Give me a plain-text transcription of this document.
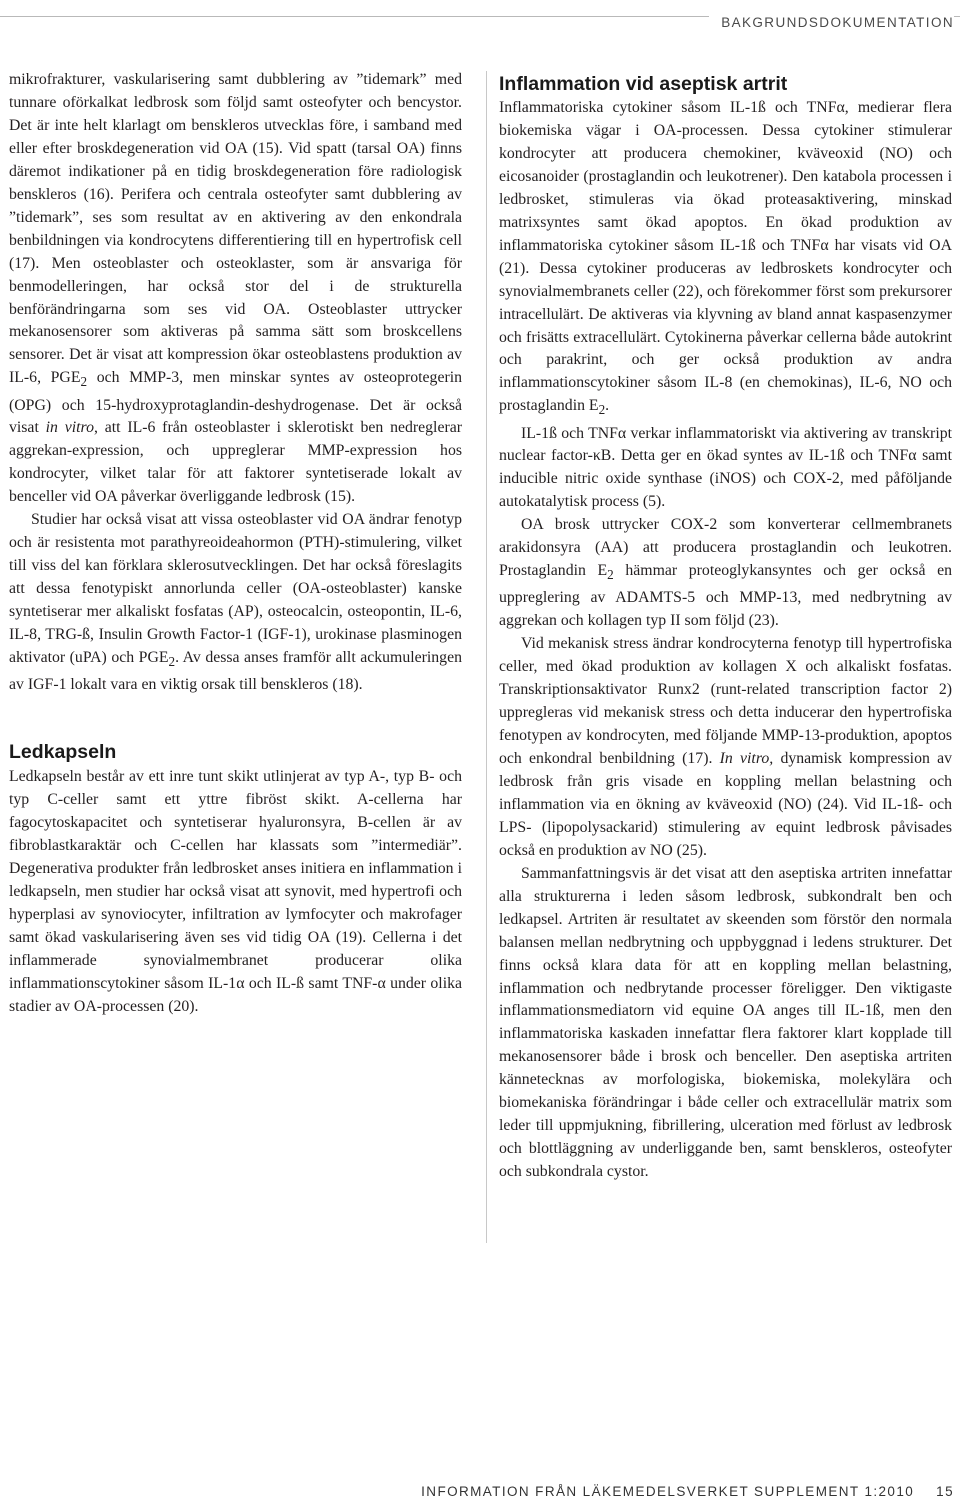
BAKGRUNDSDOKUMENTATION

mikrofrakturer, vaskularisering samt dubblering av ”tidemark” med tunnare oförkalkat ledbrosk som följd samt osteofyter och bencystor. Det är inte helt klarlagt om benskleros utvecklas före, i samband med eller efter broskdegeneration vid OA (15). Vid spatt (tarsal OA) finns däremot indikationer på en tidig broskdegeneration före radiologisk benskleros (16). Perifera och centrala osteofyter samt dubblering av ”tidemark”, ses som resultat av en aktivering av den enkondrala benbildningen via kondrocytens differentiering till en hypertrofisk cell (17). Men osteoblaster och osteoklaster, som är ansvariga för benmodelleringen, har också stor del i de strukturella benförändringarna som ses vid OA. Osteoblaster uttrycker mekanosensorer som aktiveras på samma sätt som broskcellens sensorer. Det är visat att kompression ökar osteoblastens produktion av IL-6, $PGE_2$ och MMP-3, men minskar syntes av osteoprotegerin (OPG) och 15-hydroxyprotaglandin-deshydrogenase. Det är också visat in vitro, att IL-6 från osteoblaster i sklerotiskt ben nedreglerar aggrekan-expression, och uppreglerar MMP-expression hos kondrocyter, vilket talar för att faktorer syntetiserade lokalt av benceller vid OA påverkar överliggande ledbrosk (15).

Studier har också visat att vissa osteoblaster vid OA ändrar fenotyp och är resistenta mot parathyreoideahormon (PTH)-stimulering, vilket till viss del kan förklara sklerosutvecklingen. Det har också föreslagits att dessa fenotypiskt annorlunda celler (OA-osteoblaster) kanske syntetiserar mer alkaliskt fosfatas (AP), osteocalcin, osteopontin, IL-6, IL-8, TRG-ß, Insulin Growth Factor-1 (IGF-1), urokinase plasminogen aktivator (uPA) och $PGE_2$. Av dessa anses framför allt ackumuleringen av IGF-1 lokalt vara en viktig orsak till benskleros (18).

Ledkapseln

Ledkapseln består av ett inre tunt skikt utlinjerat av typ A-, typ B- och typ C-celler samt ett yttre fibröst skikt. A-cellerna har fagocytoskapacitet och syntetiserar hyaluronsyra, B-cellen är av fibroblastkaraktär och C-cellen har klassats som ”intermediär”. Degenerativa produkter från ledbrosket anses initiera en inflammation i ledkapseln, men studier har också visat att synovit, med hypertrofi och hyperplasi av synoviocyter, infiltration av lymfocyter och makrofager samt ökad vaskularisering även ses vid tidig OA (19). Cellerna i det inflammerade synovialmembranet producerar olika inflammationscytokiner såsom IL-1α och IL-ß samt TNF-α under olika stadier av OA-processen (20).

Inflammation vid aseptisk artrit

Inflammatoriska cytokiner såsom IL-1ß och TNFα, medierar flera biokemiska vägar i OA-processen. Dessa cytokiner stimulerar kondrocyter att producera chemokiner, kväveoxid (NO) och eicosanoider (prostaglandin och leukotrener). Den katabola processen i ledbrosket, stimuleras via ökad proteasaktivering, minskad matrixsyntes samt ökad apoptos. En ökad produktion av inflammatoriska cytokiner såsom IL-1ß och TNFα har visats vid OA (21). Dessa cytokiner produceras av ledbroskets kondrocyter och synovialmembranets celler (22), och förekommer först som prekursorer intracellulärt. De aktiveras via klyvning av bland annat kaspasenzymer och frisätts extracellulärt. Cytokinerna påverkar cellerna både autokrint och parakrint, och ger också produktion av andra inflammationscytokiner såsom IL-8 (en chemokinas), IL-6, NO och prostaglandin $E_2$.

IL-1ß och TNFα verkar inflammatoriskt via aktivering av transkript nuclear factor-κB. Detta ger en ökad syntes av IL-1ß och TNFα samt inducible nitric oxide synthase (iNOS) och COX-2, med påföljande autokatalytisk process (5).

OA brosk uttrycker COX-2 som konverterar cellmembranets arakidonsyra (AA) att producera prostaglandin och leukotren. Prostaglandin $E_2$ hämmar proteoglykansyntes och ger också en uppreglering av ADAMTS-5 och MMP-13, med nedbrytning av aggrekan och kollagen typ II som följd (23).

Vid mekanisk stress ändrar kondrocyterna fenotyp till hypertrofiska celler, med ökad produktion av kollagen X och alkaliskt fosfatas. Transkriptionsaktivator Runx2 (runt-related transcription factor 2) uppregleras vid mekanisk stress och detta inducerar den hypertrofiska fenotypen av kondrocyten, med följande MMP-13-produktion, apoptos och enkondral benbildning (17). In vitro, dynamisk kompression av ledbrosk från gris visade en koppling mellan belastning och inflammation via en ökning av kväveoxid (NO) (24). Vid IL-1ß- och LPS- (lipopolysackarid) stimulering av equint ledbrosk påvisades också en produktion av NO (25).

Sammanfattningsvis är det visat att den aseptiska artriten innefattar alla strukturerna i leden såsom ledbrosk, subkondralt ben och ledkapsel. Artriten är resultatet av skeenden som förstör den normala balansen mellan nedbrytning och uppbyggnad i ledens strukturer. Det finns också klara data för att en koppling mellan belastning, inflammation och nedbrytande processer föreligger. Den viktigaste inflammationsmediatorn vid equine OA anges till IL-1ß, men den inflammatoriska kaskaden innefattar flera faktorer klart kopplade till mekanosensorer både i brosk och benceller. Den aseptiska artriten kännetecknas av morfologiska, biokemiska, molekylära och biomekaniska förändringar i både celler och extracellulär matrix som leder till uppmjukning, fibrillering, ulceration med förlust av ledbrosk och blottläggning av underliggande ben, samt benskleros, osteofyter och subkondrala cystor.

INFORMATION FRÅN LÄKEMEDELSVERKET SUPPLEMENT 1:2010 15
